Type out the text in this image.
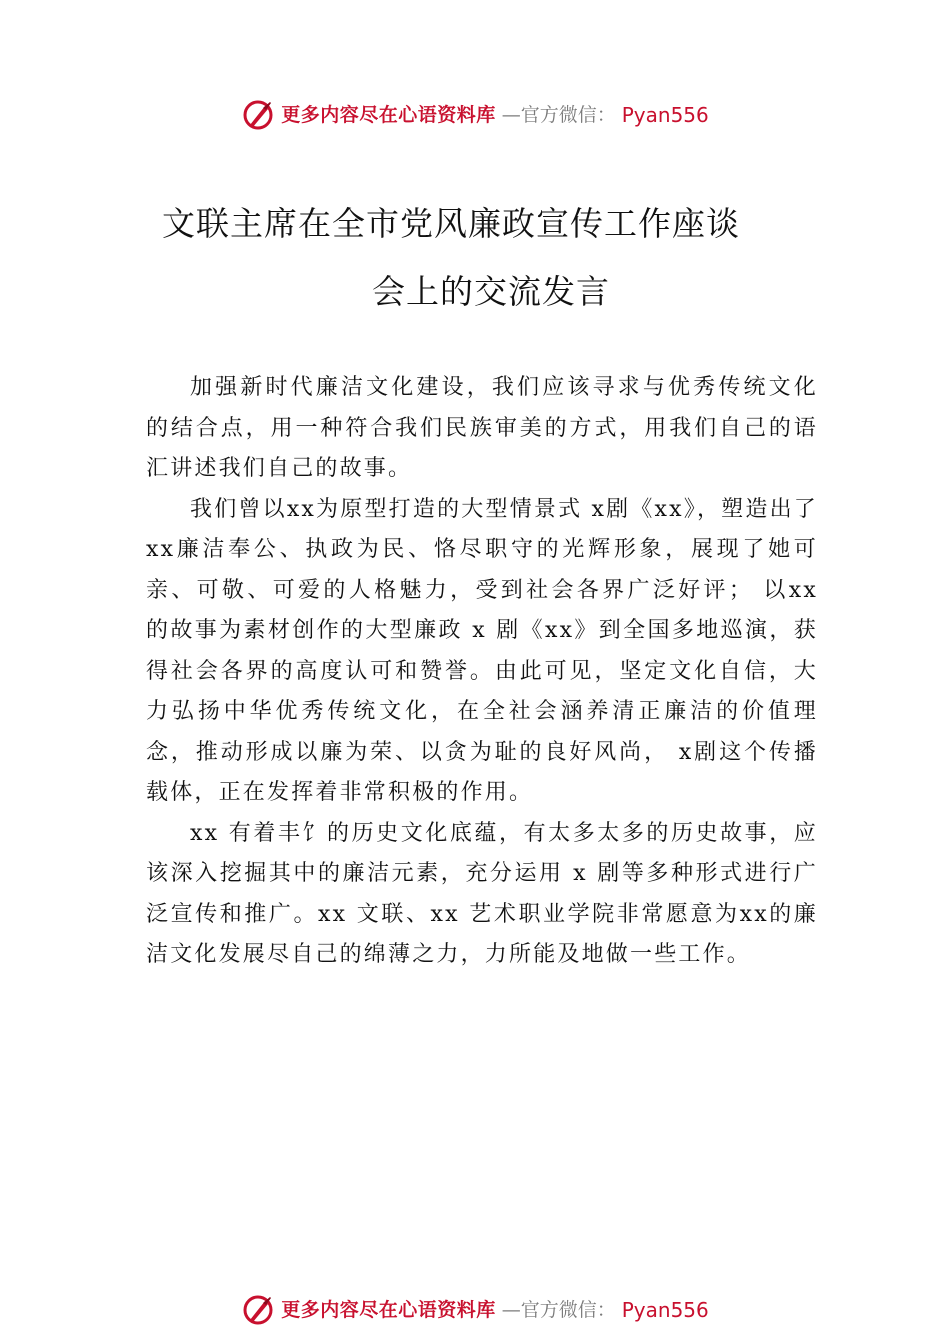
更多内容尽在心语资料库 —官方微信： Pyan556
文联主席在全市党风廉政宣传工作座谈
会上的交流发言

加强新时代廉洁文化建设，我们应该寻求与优秀传统文化的结合点，用一种符合我们民族审美的方式，用我们自己的语汇讲述我们自己的故事。

我们曾以xx为原型打造的大型情景式 x剧《xx》，塑造出了 xx廉洁奉公、执政为民、恪尽职守的光辉形象，展现了她可亲、可敬、可爱的人格魅力，受到社会各界广泛好评； 以xx 的故事为素材创作的大型廉政 x 剧《xx》到全国多地巡演，获得社会各界的高度认可和赞誉。由此可见，坚定文化自信，大力弘扬中华优秀传统文化，在全社会涵养清正廉洁的价值理念，推动形成以廉为荣、以贪为耻的良好风尚， x剧这个传播载体，正在发挥着非常积极的作用。

xx 有着丰饣的历史文化底蕴，有太多太多的历史故事，应该深入挖掘其中的廉洁元素，充分运用 x 剧等多种形式进行广泛宣传和推广。xx 文联、xx 艺术职业学院非常愿意为xx的廉洁文化发展尽自己的绵薄之力，力所能及地做一些工作。

更多内容尽在心语资料库 —官方微信： Pyan556
